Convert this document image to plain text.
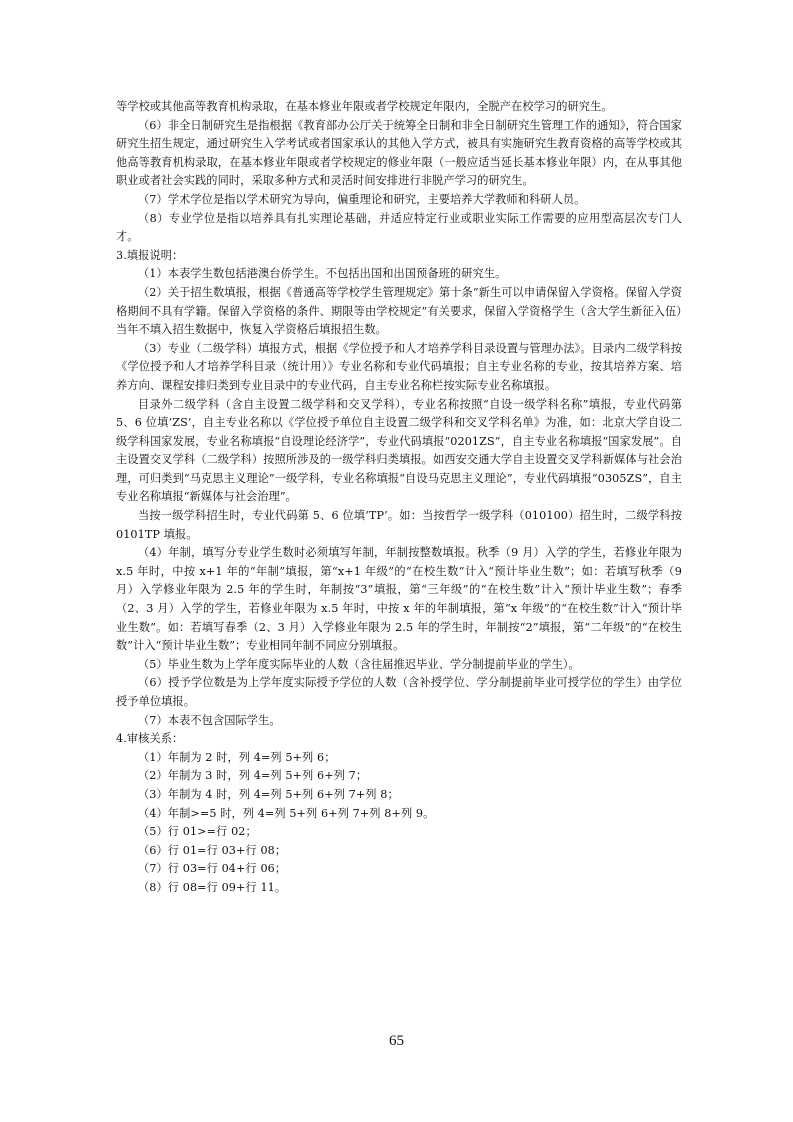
等学校或其他高等教育机构录取，在基本修业年限或者学校规定年限内，全脱产在校学习的研究生。

（6）非全日制研究生是指根据《教育部办公厅关于统筹全日制和非全日制研究生管理工作的通知》，符合国家研究生招生规定，通过研究生入学考试或者国家承认的其他入学方式，被具有实施研究生教育资格的高等学校或其他高等教育机构录取，在基本修业年限或者学校规定的修业年限（一般应适当延长基本修业年限）内，在从事其他职业或者社会实践的同时，采取多种方式和灵活时间安排进行非脱产学习的研究生。

（7）学术学位是指以学术研究为导向，偏重理论和研究，主要培养大学教师和科研人员。

（8）专业学位是指以培养具有扎实理论基础，并适应特定行业或职业实际工作需要的应用型高层次专门人才。

3.填报说明：

（1）本表学生数包括港澳台侨学生。不包括出国和出国预备班的研究生。

（2）关于招生数填报，根据《普通高等学校学生管理规定》第十条“新生可以申请保留入学资格。保留入学资格期间不具有学籍。保留入学资格的条件、期限等由学校规定”有关要求，保留入学资格学生（含大学生新征入伍）当年不填入招生数据中，恢复入学资格后填报招生数。

（3）专业（二级学科）填报方式，根据《学位授予和人才培养学科目录设置与管理办法》。目录内二级学科按《学位授予和人才培养学科目录（统计用）》专业名称和专业代码填报；自主专业名称的专业，按其培养方案、培养方向、课程安排归类到专业目录中的专业代码，自主专业名称栏按实际专业名称填报。

目录外二级学科（含自主设置二级学科和交叉学科），专业名称按照“自设一级学科名称”填报，专业代码第 5、6 位填‘ZS’，自主专业名称以《学位授予单位自主设置二级学科和交叉学科名单》为准，如：北京大学自设二级学科国家发展，专业名称填报“自设理论经济学”，专业代码填报“0201ZS”，自主专业名称填报“国家发展”。自主设置交叉学科（二级学科）按照所涉及的一级学科归类填报。如西安交通大学自主设置交叉学科新媒体与社会治理，可归类到“马克思主义理论”一级学科，专业名称填报“自设马克思主义理论”，专业代码填报“0305ZS”，自主专业名称填报“新媒体与社会治理”。

当按一级学科招生时，专业代码第 5、6 位填‘TP’。如：当按哲学一级学科（010100）招生时，二级学科按 0101TP 填报。

（4）年制，填写分专业学生数时必须填写年制，年制按整数填报。秋季（9 月）入学的学生，若修业年限为 x.5 年时，中按 x+1 年的“年制”填报，第“x+1 年级”的“在校生数”计入“预计毕业生数”；如：若填写秋季（9 月）入学修业年限为 2.5 年的学生时，年制按“3”填报，第“三年级”的“在校生数”计入“预计毕业生数”；春季（2、3 月）入学的学生，若修业年限为 x.5 年时，中按 x 年的年制填报，第“x 年级”的“在校生数”计入“预计毕业生数”。如：若填写春季（2、3 月）入学修业年限为 2.5 年的学生时，年制按“2”填报，第“二年级”的“在校生数”计入“预计毕业生数”；专业相同年制不同应分别填报。

（5）毕业生数为上学年度实际毕业的人数（含往届推迟毕业、学分制提前毕业的学生）。

（6）授予学位数是为上学年度实际授予学位的人数（含补授学位、学分制提前毕业可授学位的学生）由学位授予单位填报。

（7）本表不包含国际学生。

4.审核关系：

（1）年制为 2 时，列 4=列 5+列 6；

（2）年制为 3 时，列 4=列 5+列 6+列 7；

（3）年制为 4 时，列 4=列 5+列 6+列 7+列 8；

（4）年制>=5 时，列 4=列 5+列 6+列 7+列 8+列 9。

（5）行 01>=行 02；

（6）行 01=行 03+行 08；

（7）行 03=行 04+行 06；

（8）行 08=行 09+行 11。

65
